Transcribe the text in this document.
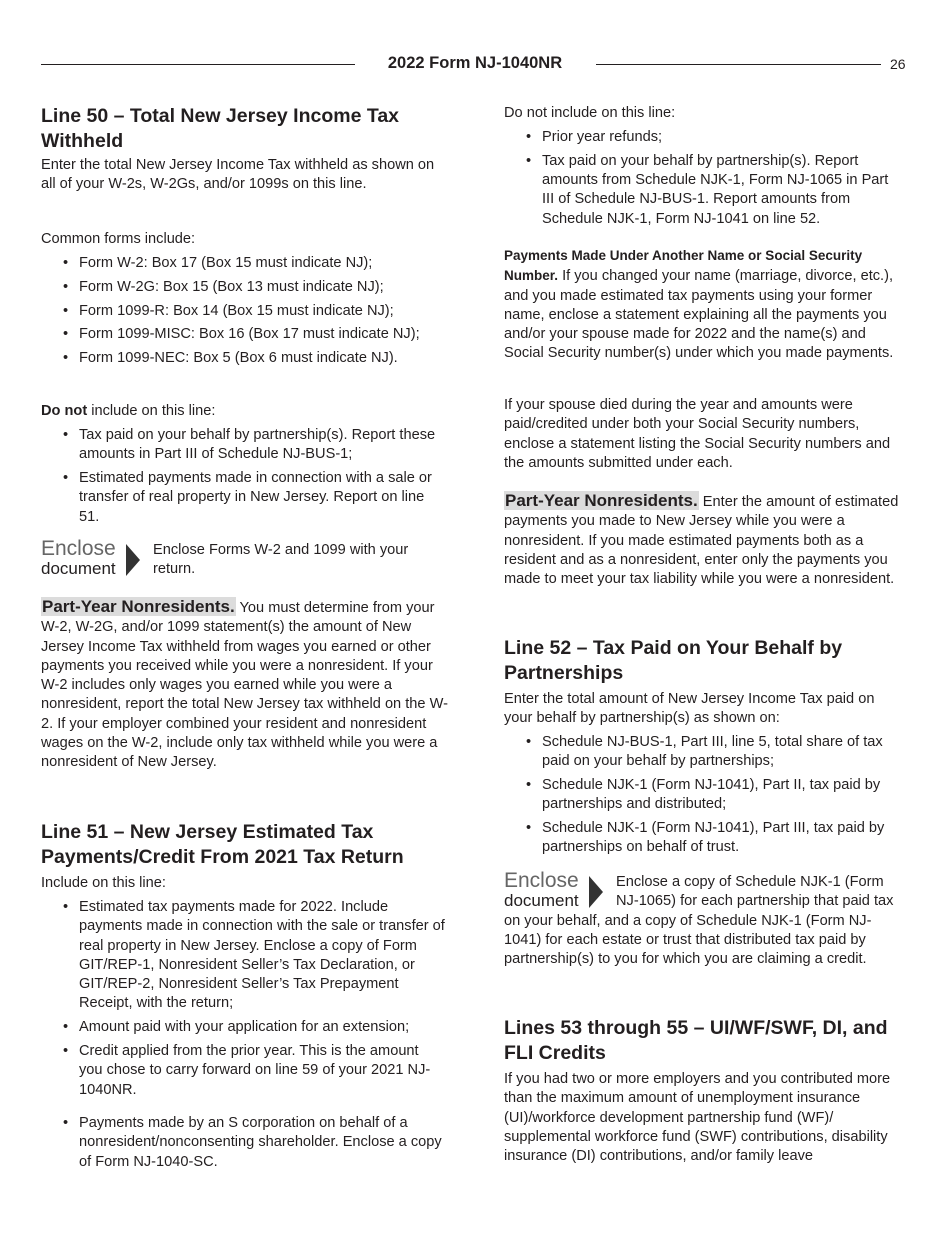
2022 Form NJ-1040NR	26
Line 50 – Total New Jersey Income Tax Withheld

Enter the total New Jersey Income Tax withheld as shown on all of your W-2s, W-2Gs, and/or 1099s on this line.

Common forms include:

• Form W-2: Box 17 (Box 15 must indicate NJ);
• Form W-2G: Box 15 (Box 13 must indicate NJ);
• Form 1099-R: Box 14 (Box 15 must indicate NJ);
• Form 1099-MISC: Box 16 (Box 17 must indicate NJ);
• Form 1099-NEC: Box 5 (Box 6 must indicate NJ).

Do not include on this line:

• Tax paid on your behalf by partnership(s). Report these amounts in Part III of Schedule NJ-BUS-1;
• Estimated payments made in connection with a sale or transfer of real property in New Jersey. Report on line 51.
Enclose
document

Enclose Forms W-2 and 1099 with your return.

Part-Year Nonresidents. You must determine from your W-2, W-2G, and/or 1099 statement(s) the amount of New Jersey Income Tax withheld from wages you earned or other payments you received while you were a nonresident. If your W-2 includes only wages you earned while you were a nonresident, report the total New Jersey tax withheld on the W-2. If your employer combined your resident and nonresident wages on the W-2, include only tax withheld while you were a nonresident of New Jersey.

Line 51 – New Jersey Estimated Tax Payments/Credit From 2021 Tax Return

Include on this line:

• Estimated tax payments made for 2022. Include payments made in connection with the sale or transfer of real property in New Jersey. Enclose a copy of Form GIT/REP-1, Nonresident Seller’s Tax Declaration, or GIT/REP-2, Nonresident Seller’s Tax Prepayment Receipt, with the return;
• Amount paid with your application for an extension;
• Credit applied from the prior year. This is the amount you chose to carry forward on line 59 of your 2021 NJ-1040NR.
• Payments made by an S corporation on behalf of a nonresident/nonconsenting shareholder. Enclose a copy of Form NJ-1040-SC.

Do not include on this line:

• Prior year refunds;
• Tax paid on your behalf by partnership(s). Report amounts from Schedule NJK-1, Form NJ-1065 in Part III of Schedule NJ-BUS-1. Report amounts from Schedule NJK-1, Form NJ-1041 on line 52.

Payments Made Under Another Name or Social Security Number. If you changed your name (marriage, divorce, etc.), and you made estimated tax payments using your former name, enclose a statement explaining all the payments you and/or your spouse made for 2022 and the name(s) and Social Security number(s) under which you made payments.

If your spouse died during the year and amounts were paid/credited under both your Social Security numbers, enclose a statement listing the Social Security numbers and the amounts submitted under each.

Part-Year Nonresidents. Enter the amount of estimated payments you made to New Jersey while you were a nonresident. If you made estimated payments both as a resident and as a nonresident, enter only the payments you made to meet your tax liability while you were a nonresident.

Line 52 – Tax Paid on Your Behalf by Partnerships

Enter the total amount of New Jersey Income Tax paid on your behalf by partnership(s) as shown on:

• Schedule NJ-BUS-1, Part III, line 5, total share of tax paid on your behalf by partnerships;
• Schedule NJK-1 (Form NJ-1041), Part II, tax paid by partnerships and distributed;
• Schedule NJK-1 (Form NJ-1041), Part III, tax paid by partnerships on behalf of trust.
Enclose
document

Enclose a copy of Schedule NJK-1 (Form NJ-1065) for each partnership that paid tax on your behalf, and a copy of Schedule NJK-1 (Form NJ-1041) for each estate or trust that distributed tax paid by partnership(s) to you for which you are claiming a credit.

Lines 53 through 55 – UI/WF/SWF, DI, and FLI Credits

If you had two or more employers and you contributed more than the maximum amount of unemployment insurance (UI)/workforce development partnership fund (WF)/ supplemental workforce fund (SWF) contributions, disability insurance (DI) contributions, and/or family leave
